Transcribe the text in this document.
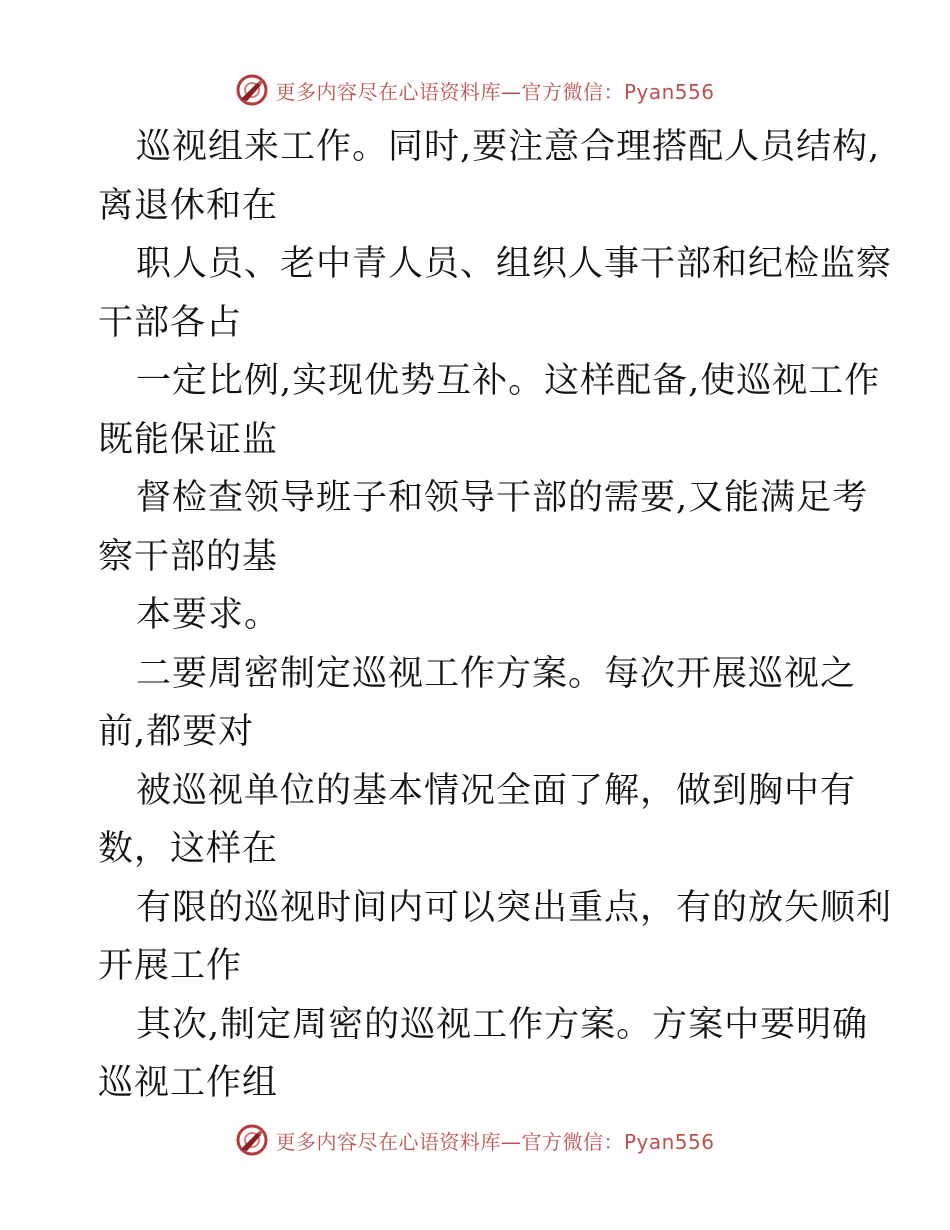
更多内容尽在心语资料库—官方微信：Pyan556
巡视组来工作。同时,要注意合理搭配人员结构,
离退休和在
职人员、老中青人员、组织人事干部和纪检监察
干部各占
一定比例,实现优势互补。这样配备,使巡视工作
既能保证监
督检查领导班子和领导干部的需要,又能满足考
察干部的基
本要求。
二要周密制定巡视工作方案。每次开展巡视之
前,都要对
被巡视单位的基本情况全面了解，做到胸中有
数，这样在
有限的巡视时间内可以突出重点，有的放矢顺利
开展工作
其次,制定周密的巡视工作方案。方案中要明确
巡视工作组
更多内容尽在心语资料库—官方微信：Pyan556
